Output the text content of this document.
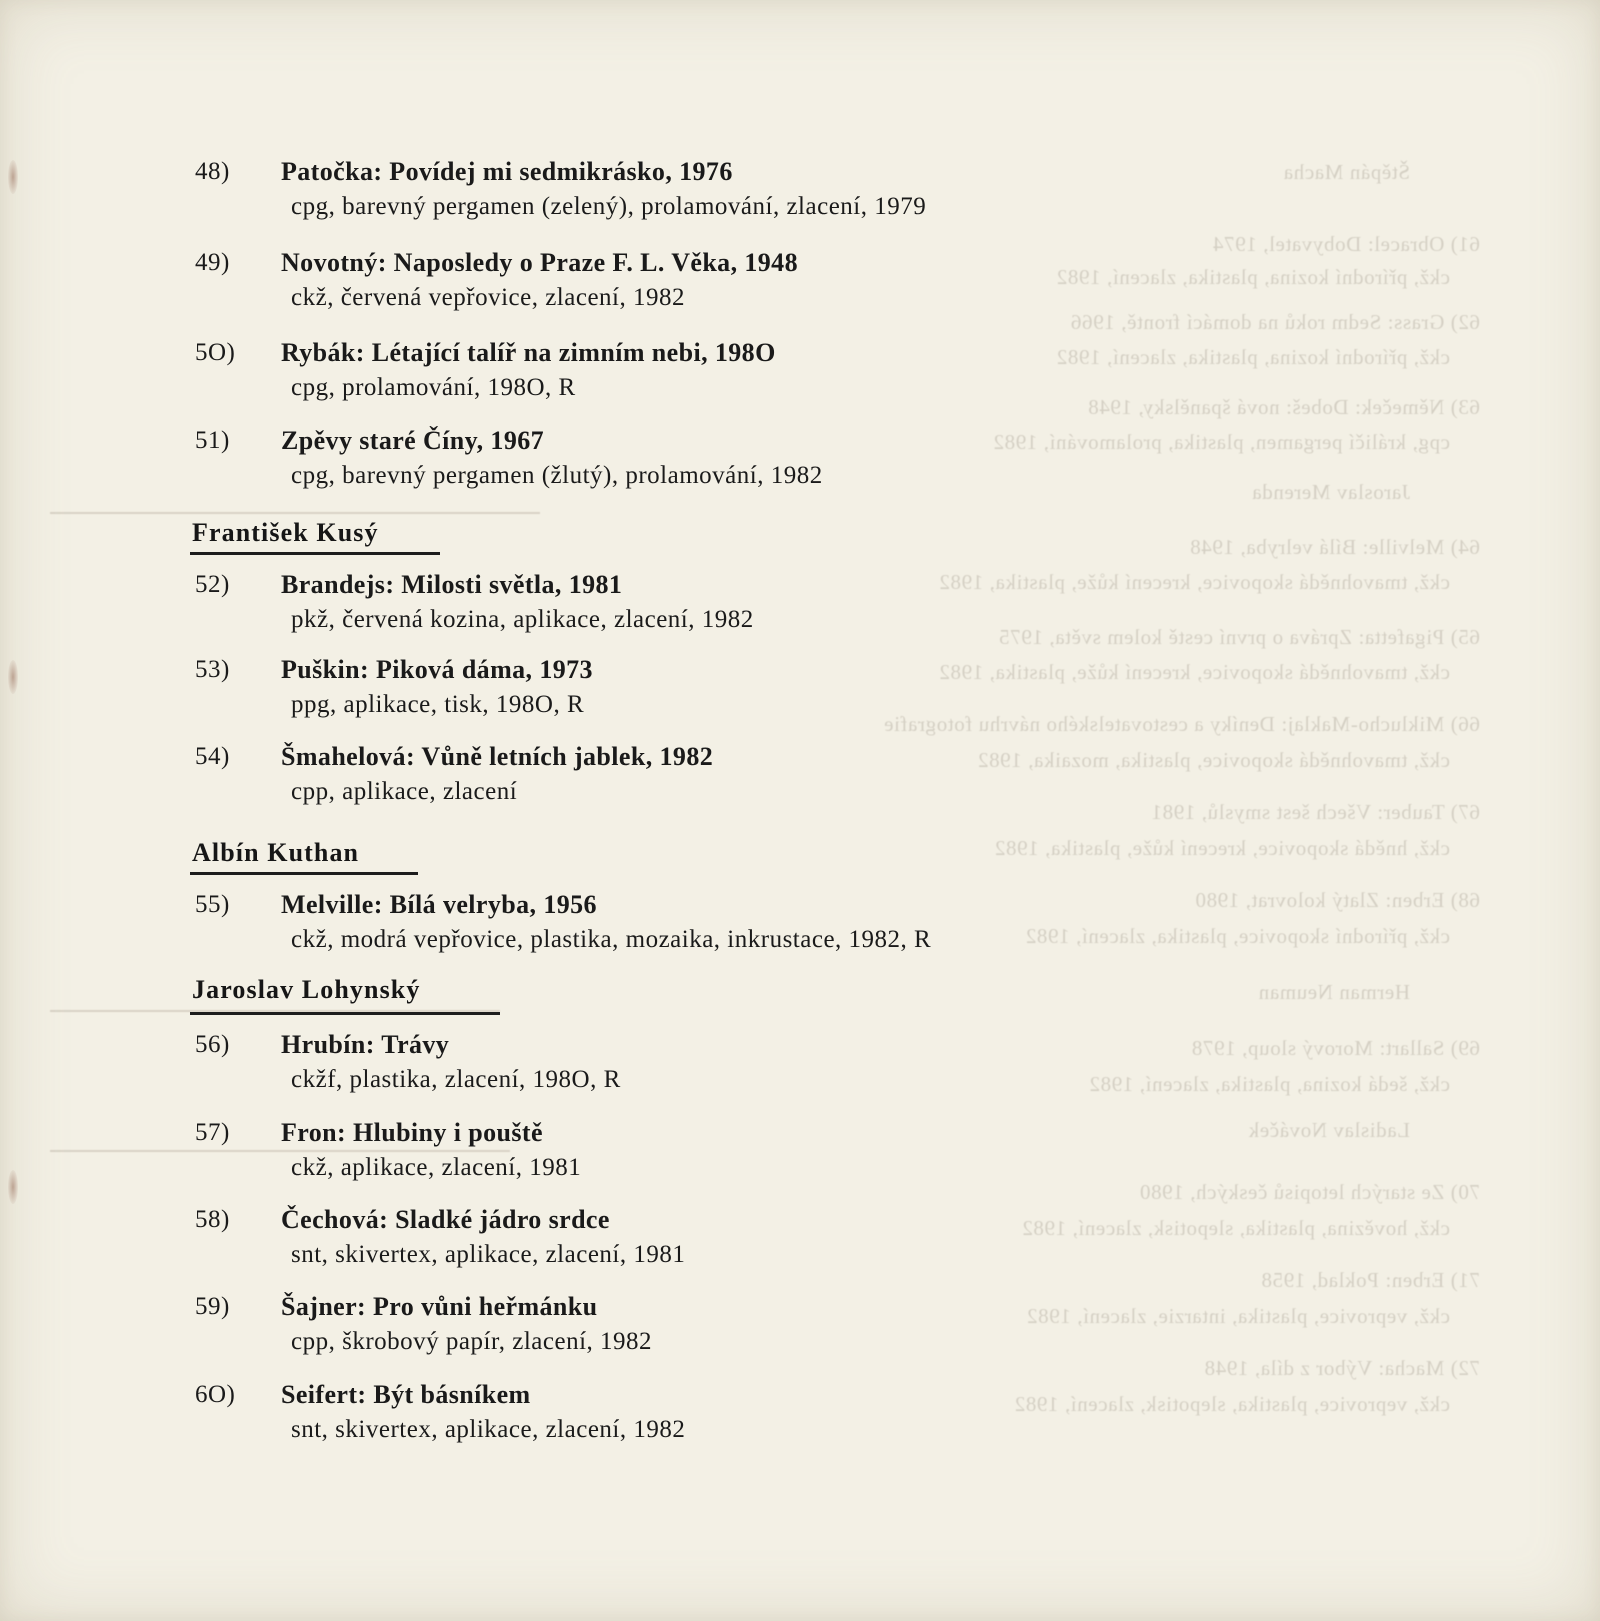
Štěpán Macha
61) Obracel: Dobyvatel, 1974
ckž, přírodní kozina, plastika, zlacení, 1982
62) Grass: Sedm roků na domácí frontě, 1966
ckž, přírodní kozina, plastika, zlacení, 1982
63) Němeček: Dobeš: nová španělsky, 1948
cpg, králičí pergamen, plastika, prolamování, 1982
Jaroslav Merenda
64) Melville: Bílá velryba, 1948
ckž, tmavohnědá skopovice, krecení kůže, plastika, 1982
65) Pigafetta: Zpráva o první cestě kolem světa, 1975
ckž, tmavohnědá skopovice, krecení kůže, plastika, 1982
66) Miklucho-Maklaj: Deníky a cestovatelského návrhu fotografie
ckž, tmavohnědá skopovice, plastika, mozaika, 1982
67) Tauber: Všech šest smyslů, 1981
ckž, hnědá skopovice, krecení kůže, plastika, 1982
68) Erben: Zlatý kolovrat, 1980
ckž, přírodní skopovice, plastika, zlacení, 1982
Herman Neuman
69) Sallart: Morový sloup, 1978
ckž, šedá kozina, plastika, zlacení, 1982
Ladislav Nováček
70) Ze starých letopisů českých, 1980
ckž, hovězina, plastika, slepotisk, zlacení, 1982
71) Erben: Poklad, 1958
ckž, veprovice, plastika, intarzie, zlacení, 1982
72) Macha: Výbor z díla, 1948
ckž, veprovice, plastika, slepotisk, zlacení, 1982
48)	Patočka: Povídej mi sedmikrásko, 1976
cpg, barevný pergamen (zelený), prolamování, zlacení, 1979
49)	Novotný: Naposledy o Praze F. L. Věka, 1948
ckž, červená vepřovice, zlacení, 1982
5O)	Rybák: Létající talíř na zimním nebi, 198O
cpg, prolamování, 198O, R
51)	Zpěvy staré Číny, 1967
cpg, barevný pergamen (žlutý), prolamování, 1982
František Kusý
52)	Brandejs: Milosti světla, 1981
pkž, červená kozina, aplikace, zlacení, 1982
53)	Puškin: Piková dáma, 1973
ppg, aplikace, tisk, 198O, R
54)	Šmahelová: Vůně letních jablek, 1982
cpp, aplikace, zlacení
Albín Kuthan
55)	Melville: Bílá velryba, 1956
ckž, modrá vepřovice, plastika, mozaika, inkrustace, 1982, R
Jaroslav Lohynský
56)	Hrubín: Trávy
ckžf, plastika, zlacení, 198O, R
57)	Fron: Hlubiny i pouště
ckž, aplikace, zlacení, 1981
58)	Čechová: Sladké jádro srdce
snt, skivertex, aplikace, zlacení, 1981
59)	Šajner: Pro vůni heřmánku
cpp, škrobový papír, zlacení, 1982
6O)	Seifert: Být básníkem
snt, skivertex, aplikace, zlacení, 1982
